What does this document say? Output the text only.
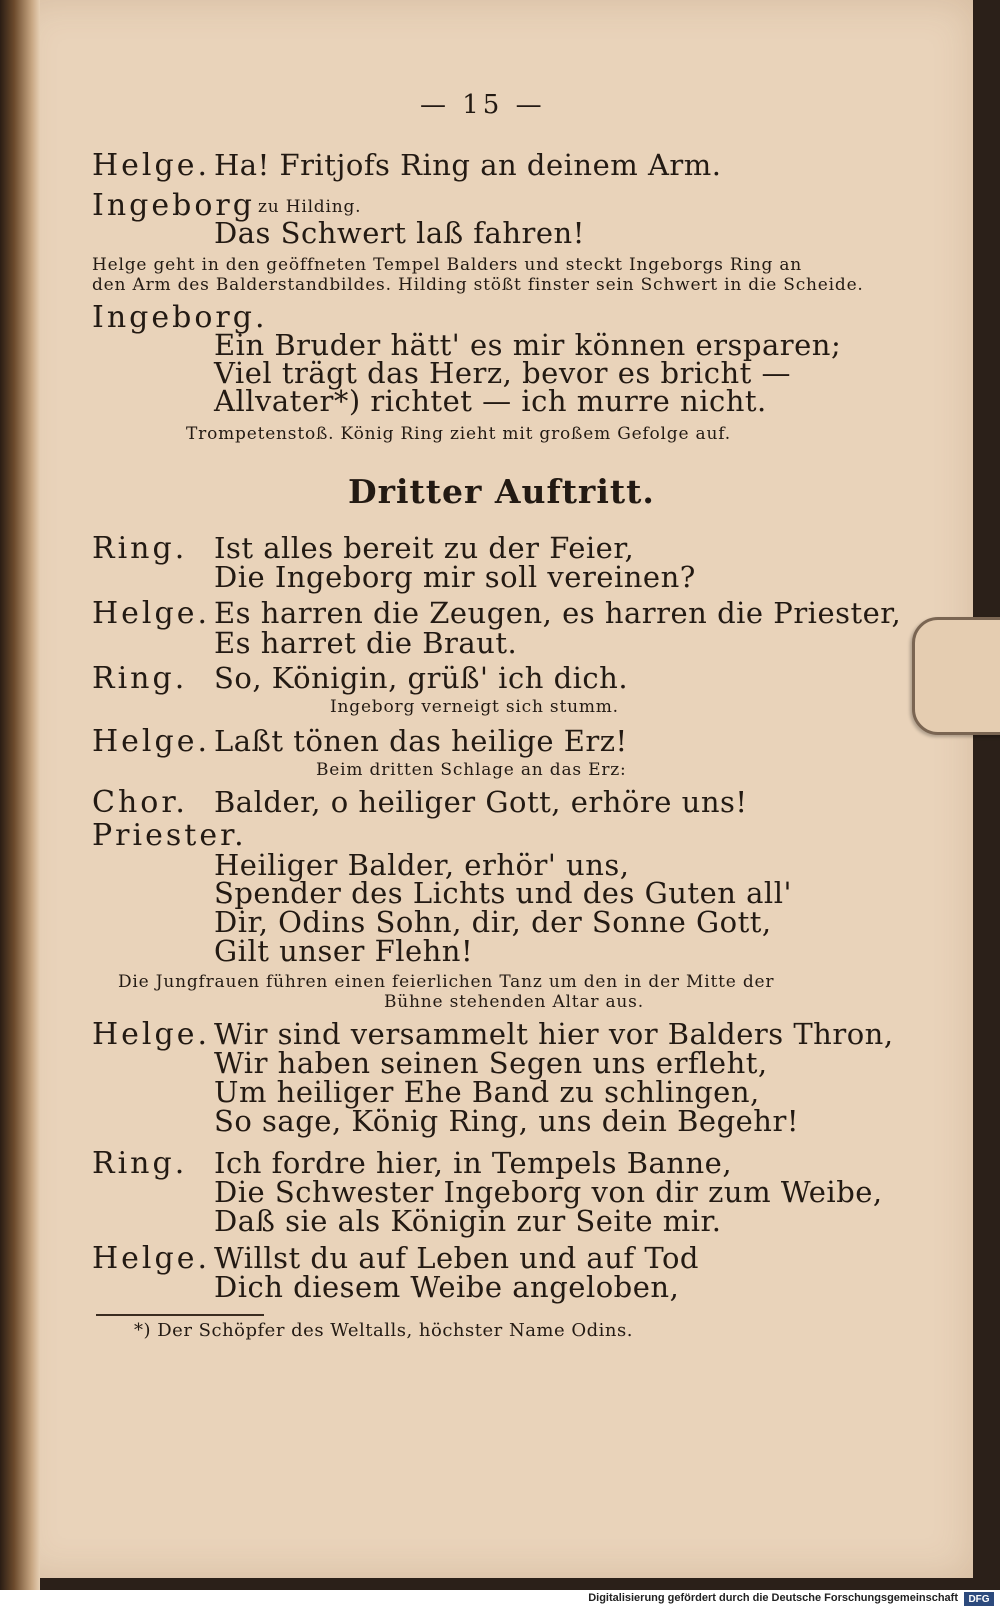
— 15 —
Helge. Ha! Fritjofs Ring an deinem Arm.
Ingeborg zu Hilding.
Das Schwert laß fahren!
Helge geht in den geöffneten Tempel Balders und steckt Ingeborgs Ring an
den Arm des Balderstandbildes. Hilding stößt finster sein Schwert in die Scheide.
Ingeborg.
Ein Bruder hätt' es mir können ersparen;
Viel trägt das Herz, bevor es bricht —
Allvater*) richtet — ich murre nicht.
Trompetenstoß. König Ring zieht mit großem Gefolge auf.
Dritter Auftritt.
Ring. Ist alles bereit zu der Feier,
Die Ingeborg mir soll vereinen?
Helge. Es harren die Zeugen, es harren die Priester,
Es harret die Braut.
Ring. So, Königin, grüß' ich dich.
Ingeborg verneigt sich stumm.
Helge. Laßt tönen das heilige Erz!
Beim dritten Schlage an das Erz:
Chor. Balder, o heiliger Gott, erhöre uns!
Priester.
Heiliger Balder, erhör' uns,
Spender des Lichts und des Guten all'
Dir, Odins Sohn, dir, der Sonne Gott,
Gilt unser Flehn!
Die Jungfrauen führen einen feierlichen Tanz um den in der Mitte der
Bühne stehenden Altar aus.
Helge. Wir sind versammelt hier vor Balders Thron,
Wir haben seinen Segen uns erfleht,
Um heiliger Ehe Band zu schlingen,
So sage, König Ring, uns dein Begehr!
Ring. Ich fordre hier, in Tempels Banne,
Die Schwester Ingeborg von dir zum Weibe,
Daß sie als Königin zur Seite mir.
Helge. Willst du auf Leben und auf Tod
Dich diesem Weibe angeloben,
*) Der Schöpfer des Weltalls, höchster Name Odins.
Digitalisierung gefördert durch die Deutsche Forschungsgemeinschaft	DFG
